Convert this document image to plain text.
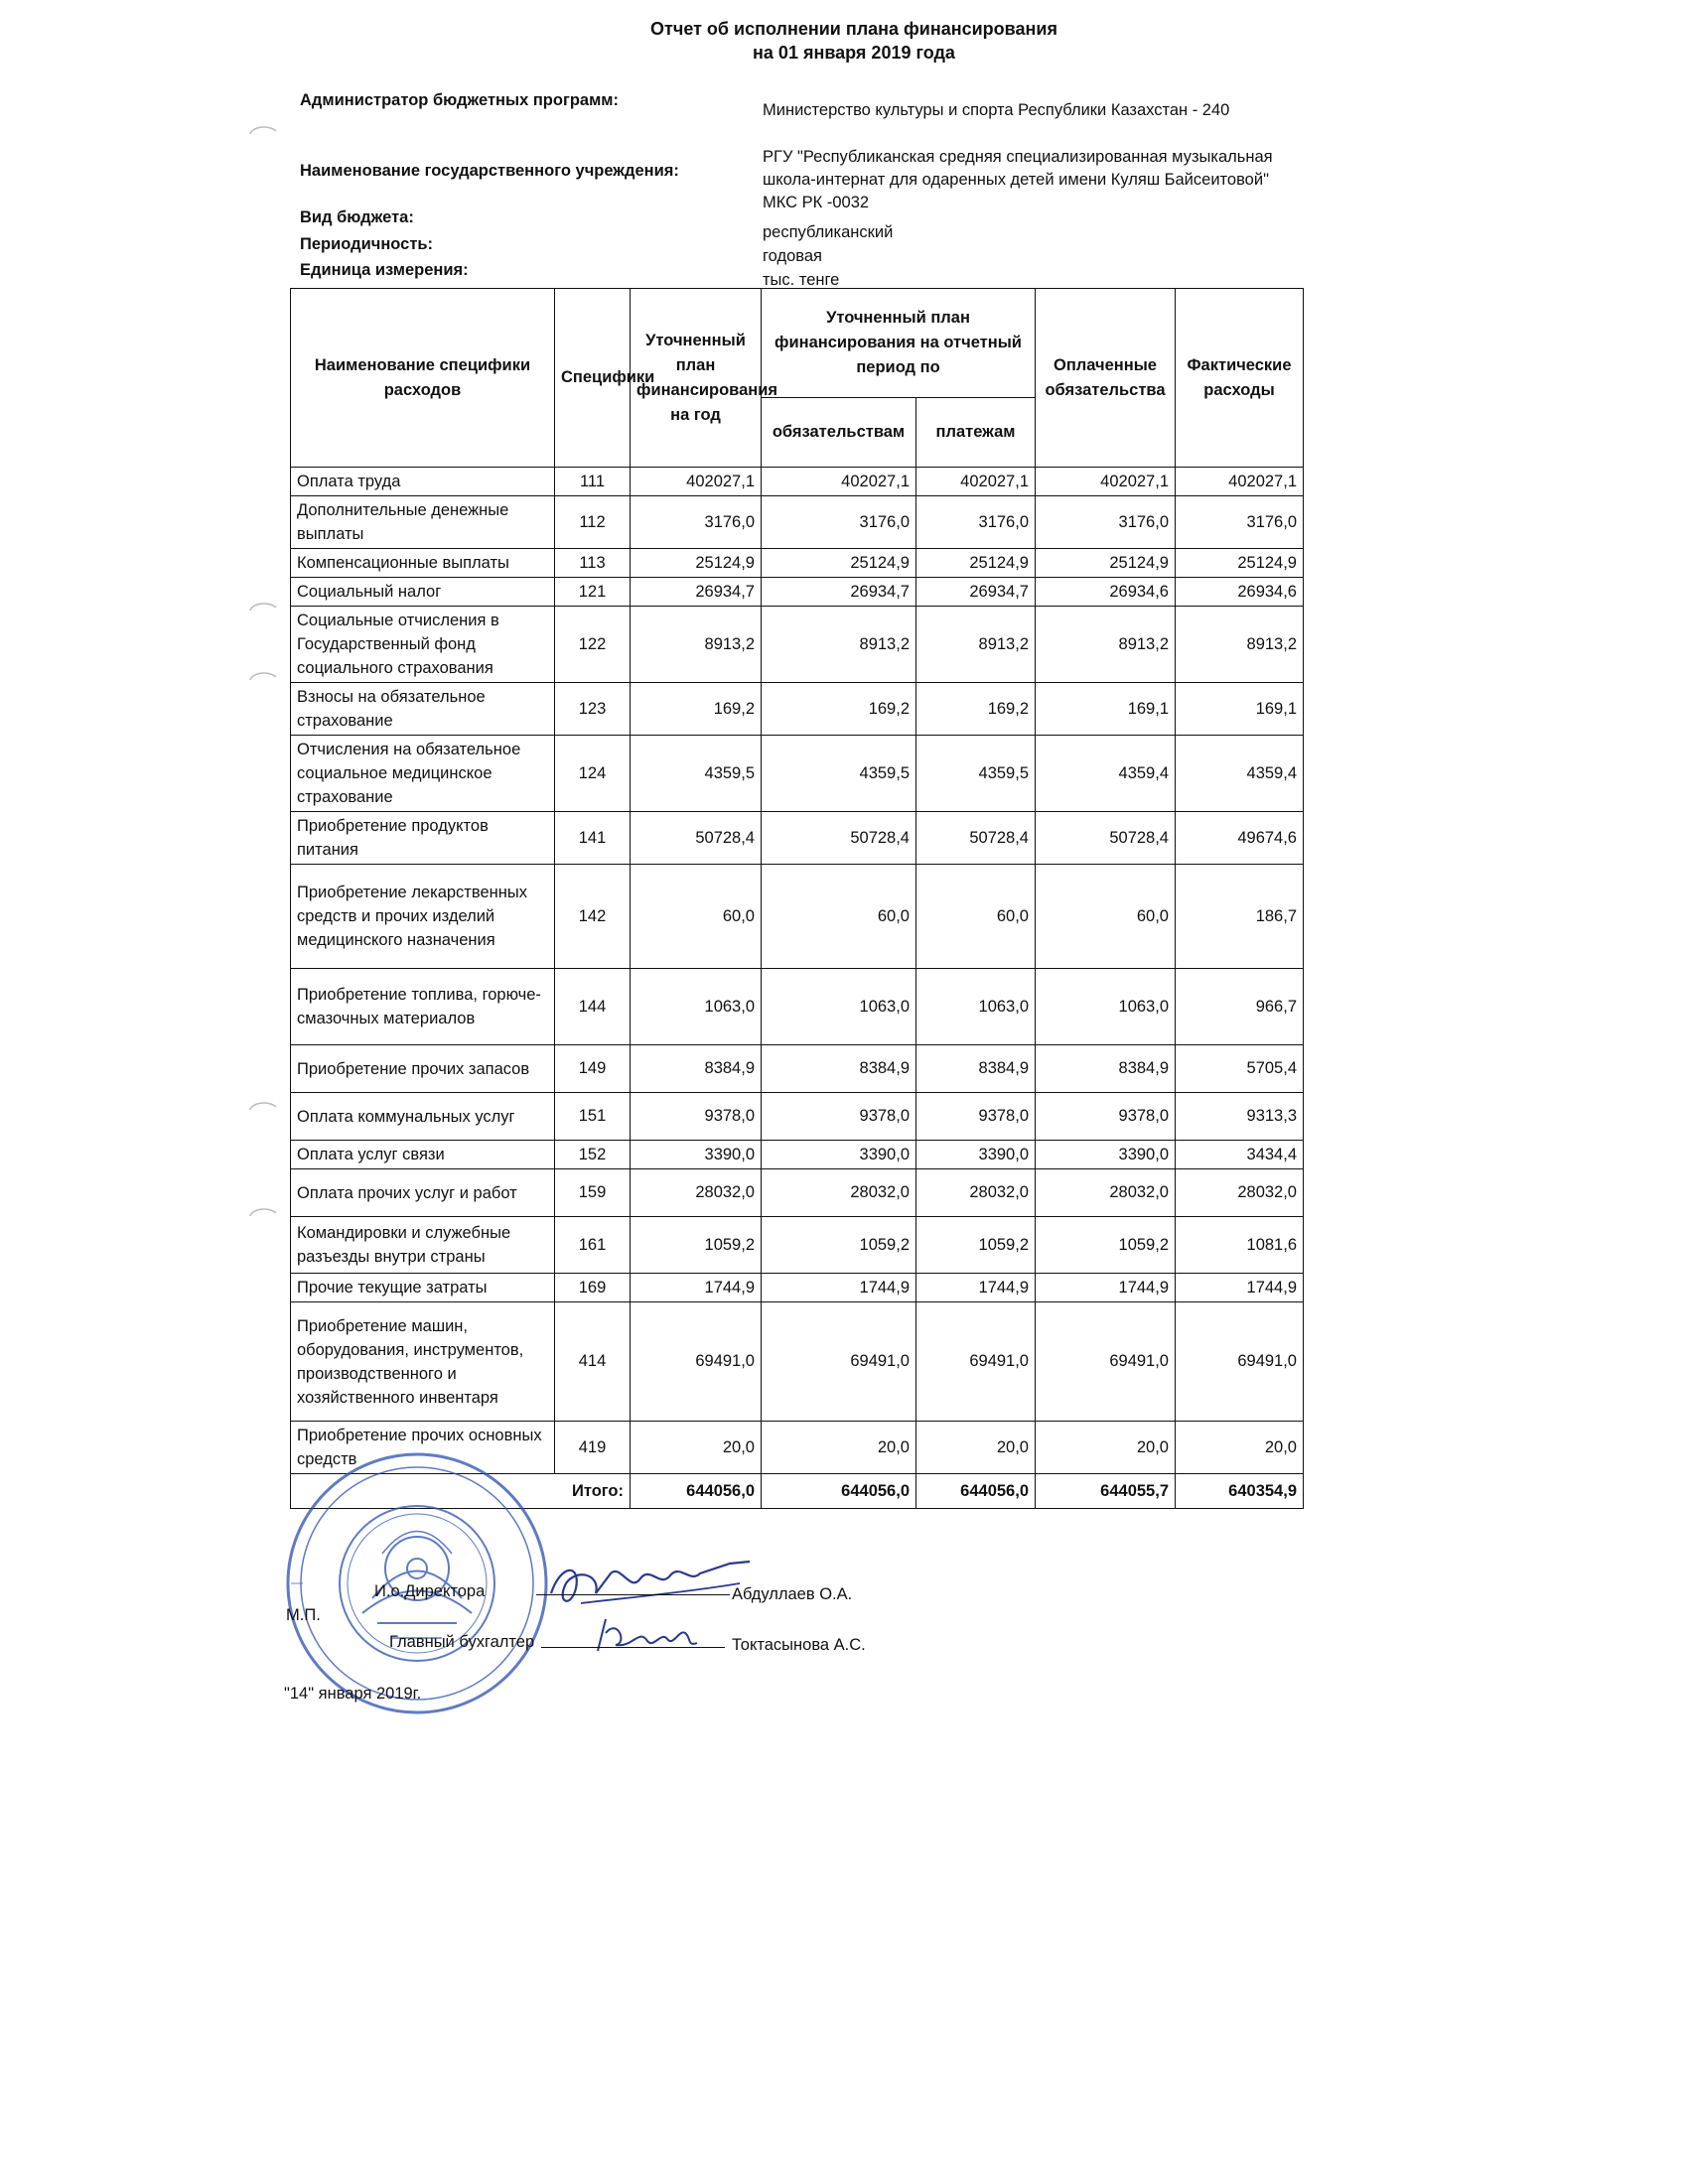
Отчет об исполнении плана финансирования
на 01 января 2019 года
Администратор бюджетных программ:
Министерство культуры и спорта Республики Казахстан - 240
Наименование государственного учреждения:
РГУ "Республиканская средняя специализированная музыкальная
школа-интернат для одаренных детей имени Куляш Байсеитовой"
МКС РК -0032
Вид бюджета:
республиканский
Периодичность:
годовая
Единица измерения:
тыс. тенге
Наименование специфики расходов	Специфики	Уточненный план финансирования на год	Уточненный план финансирования на отчетный период по		Оплаченные обязательства	Фактические расходы
			обязательствам	платежам		
Оплата труда	111	402027,1	402027,1	402027,1	402027,1	402027,1
Дополнительные денежные выплаты	112	3176,0	3176,0	3176,0	3176,0	3176,0
Компенсационные выплаты	113	25124,9	25124,9	25124,9	25124,9	25124,9
Социальный налог	121	26934,7	26934,7	26934,7	26934,6	26934,6
Социальные отчисления в Государственный фонд социального страхования	122	8913,2	8913,2	8913,2	8913,2	8913,2
Взносы на обязательное страхование	123	169,2	169,2	169,2	169,1	169,1
Отчисления на обязательное социальное медицинское страхование	124	4359,5	4359,5	4359,5	4359,4	4359,4
Приобретение продуктов питания	141	50728,4	50728,4	50728,4	50728,4	49674,6
Приобретение лекарственных средств и прочих изделий медицинского назначения	142	60,0	60,0	60,0	60,0	186,7
Приобретение топлива, горюче-смазочных материалов	144	1063,0	1063,0	1063,0	1063,0	966,7
Приобретение прочих запасов	149	8384,9	8384,9	8384,9	8384,9	5705,4
Оплата коммунальных услуг	151	9378,0	9378,0	9378,0	9378,0	9313,3
Оплата услуг связи	152	3390,0	3390,0	3390,0	3390,0	3434,4
Оплата прочих услуг и работ	159	28032,0	28032,0	28032,0	28032,0	28032,0
Командировки и служебные разъезды внутри страны	161	1059,2	1059,2	1059,2	1059,2	1081,6
Прочие текущие затраты	169	1744,9	1744,9	1744,9	1744,9	1744,9
Приобретение машин, оборудования, инструментов, производственного и хозяйственного инвентаря	414	69491,0	69491,0	69491,0	69491,0	69491,0
Приобретение прочих основных средств	419	20,0	20,0	20,0	20,0	20,0
Итого:		644056,0	644056,0	644056,0	644055,7	640354,9
И.о.Директора	Абдуллаев О.А.
М.П.
Главный бухгалтер	Токтасынова А.С.
"14" января 2019г.
